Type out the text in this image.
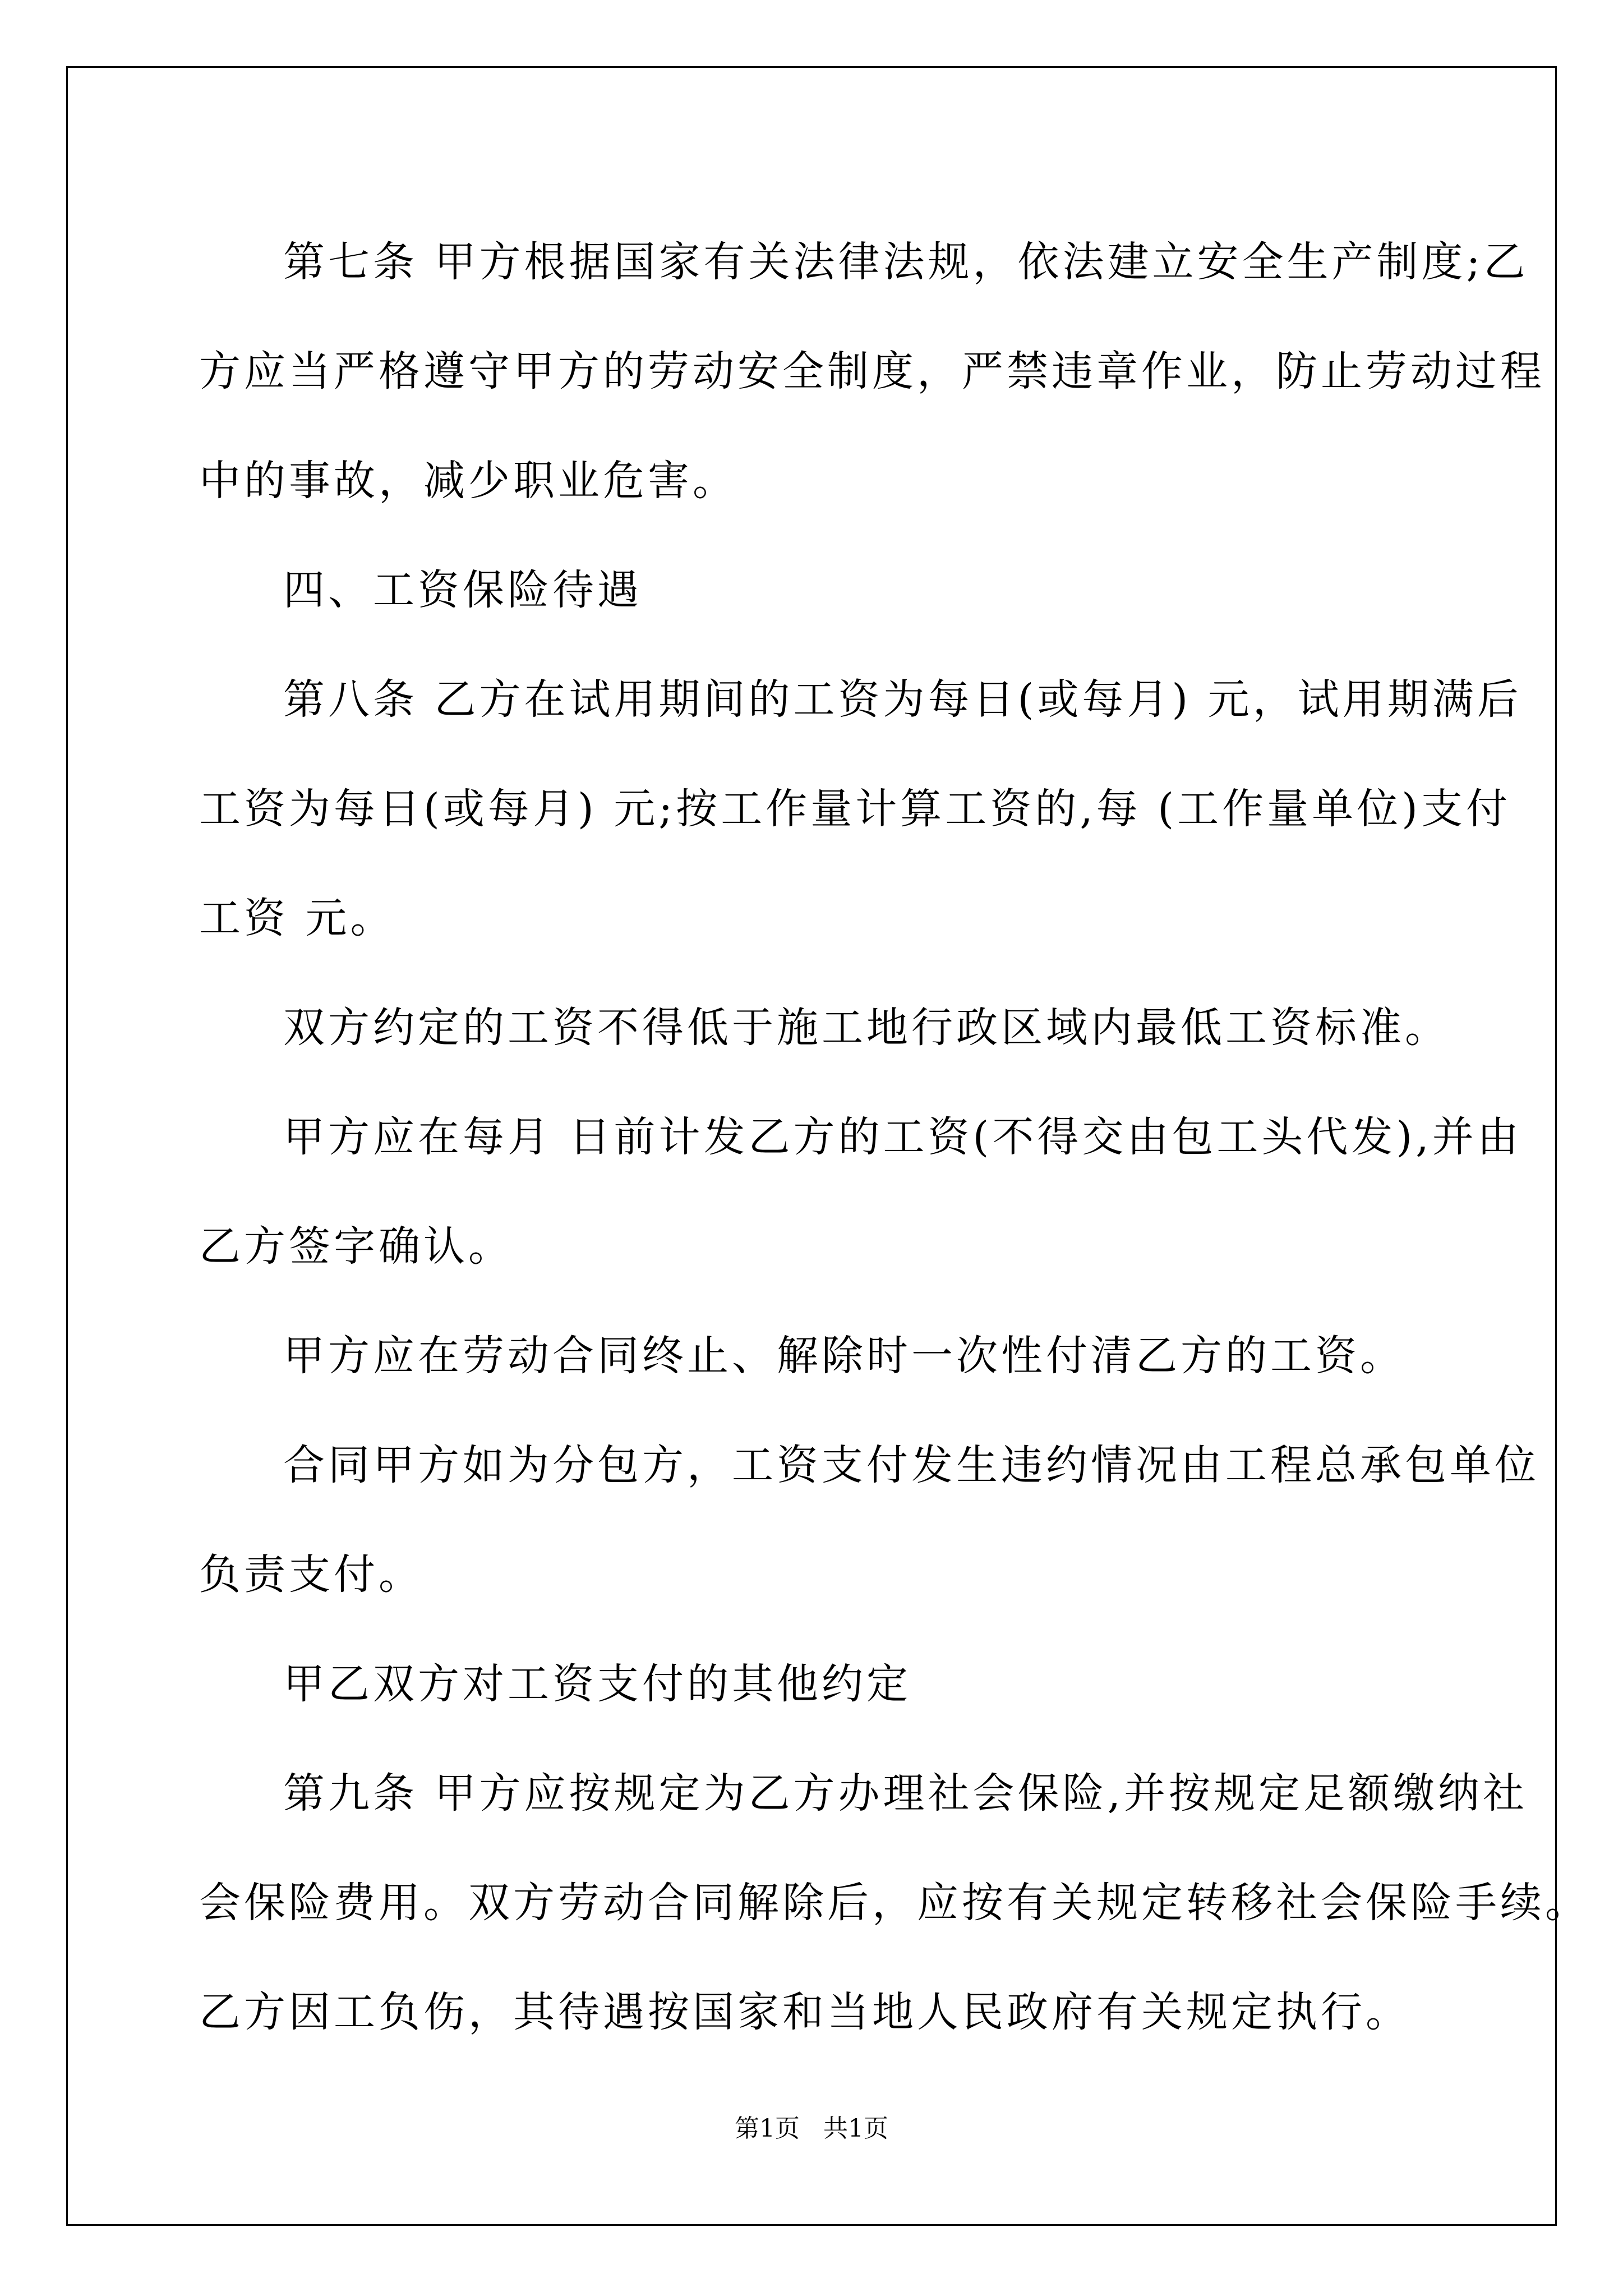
第七条 甲方根据国家有关法律法规，依法建立安全生产制度;乙

方应当严格遵守甲方的劳动安全制度，严禁违章作业，防止劳动过程

中的事故，减少职业危害。

四、工资保险待遇

第八条 乙方在试用期间的工资为每日(或每月) 元，试用期满后

工资为每日(或每月) 元;按工作量计算工资的,每 (工作量单位)支付

工资 元。

双方约定的工资不得低于施工地行政区域内最低工资标准。

甲方应在每月 日前计发乙方的工资(不得交由包工头代发),并由

乙方签字确认。

甲方应在劳动合同终止、解除时一次性付清乙方的工资。

合同甲方如为分包方，工资支付发生违约情况由工程总承包单位

负责支付。

甲乙双方对工资支付的其他约定

第九条 甲方应按规定为乙方办理社会保险,并按规定足额缴纳社

会保险费用。双方劳动合同解除后，应按有关规定转移社会保险手续。

乙方因工负伤，其待遇按国家和当地人民政府有关规定执行。

第1页 共1页
